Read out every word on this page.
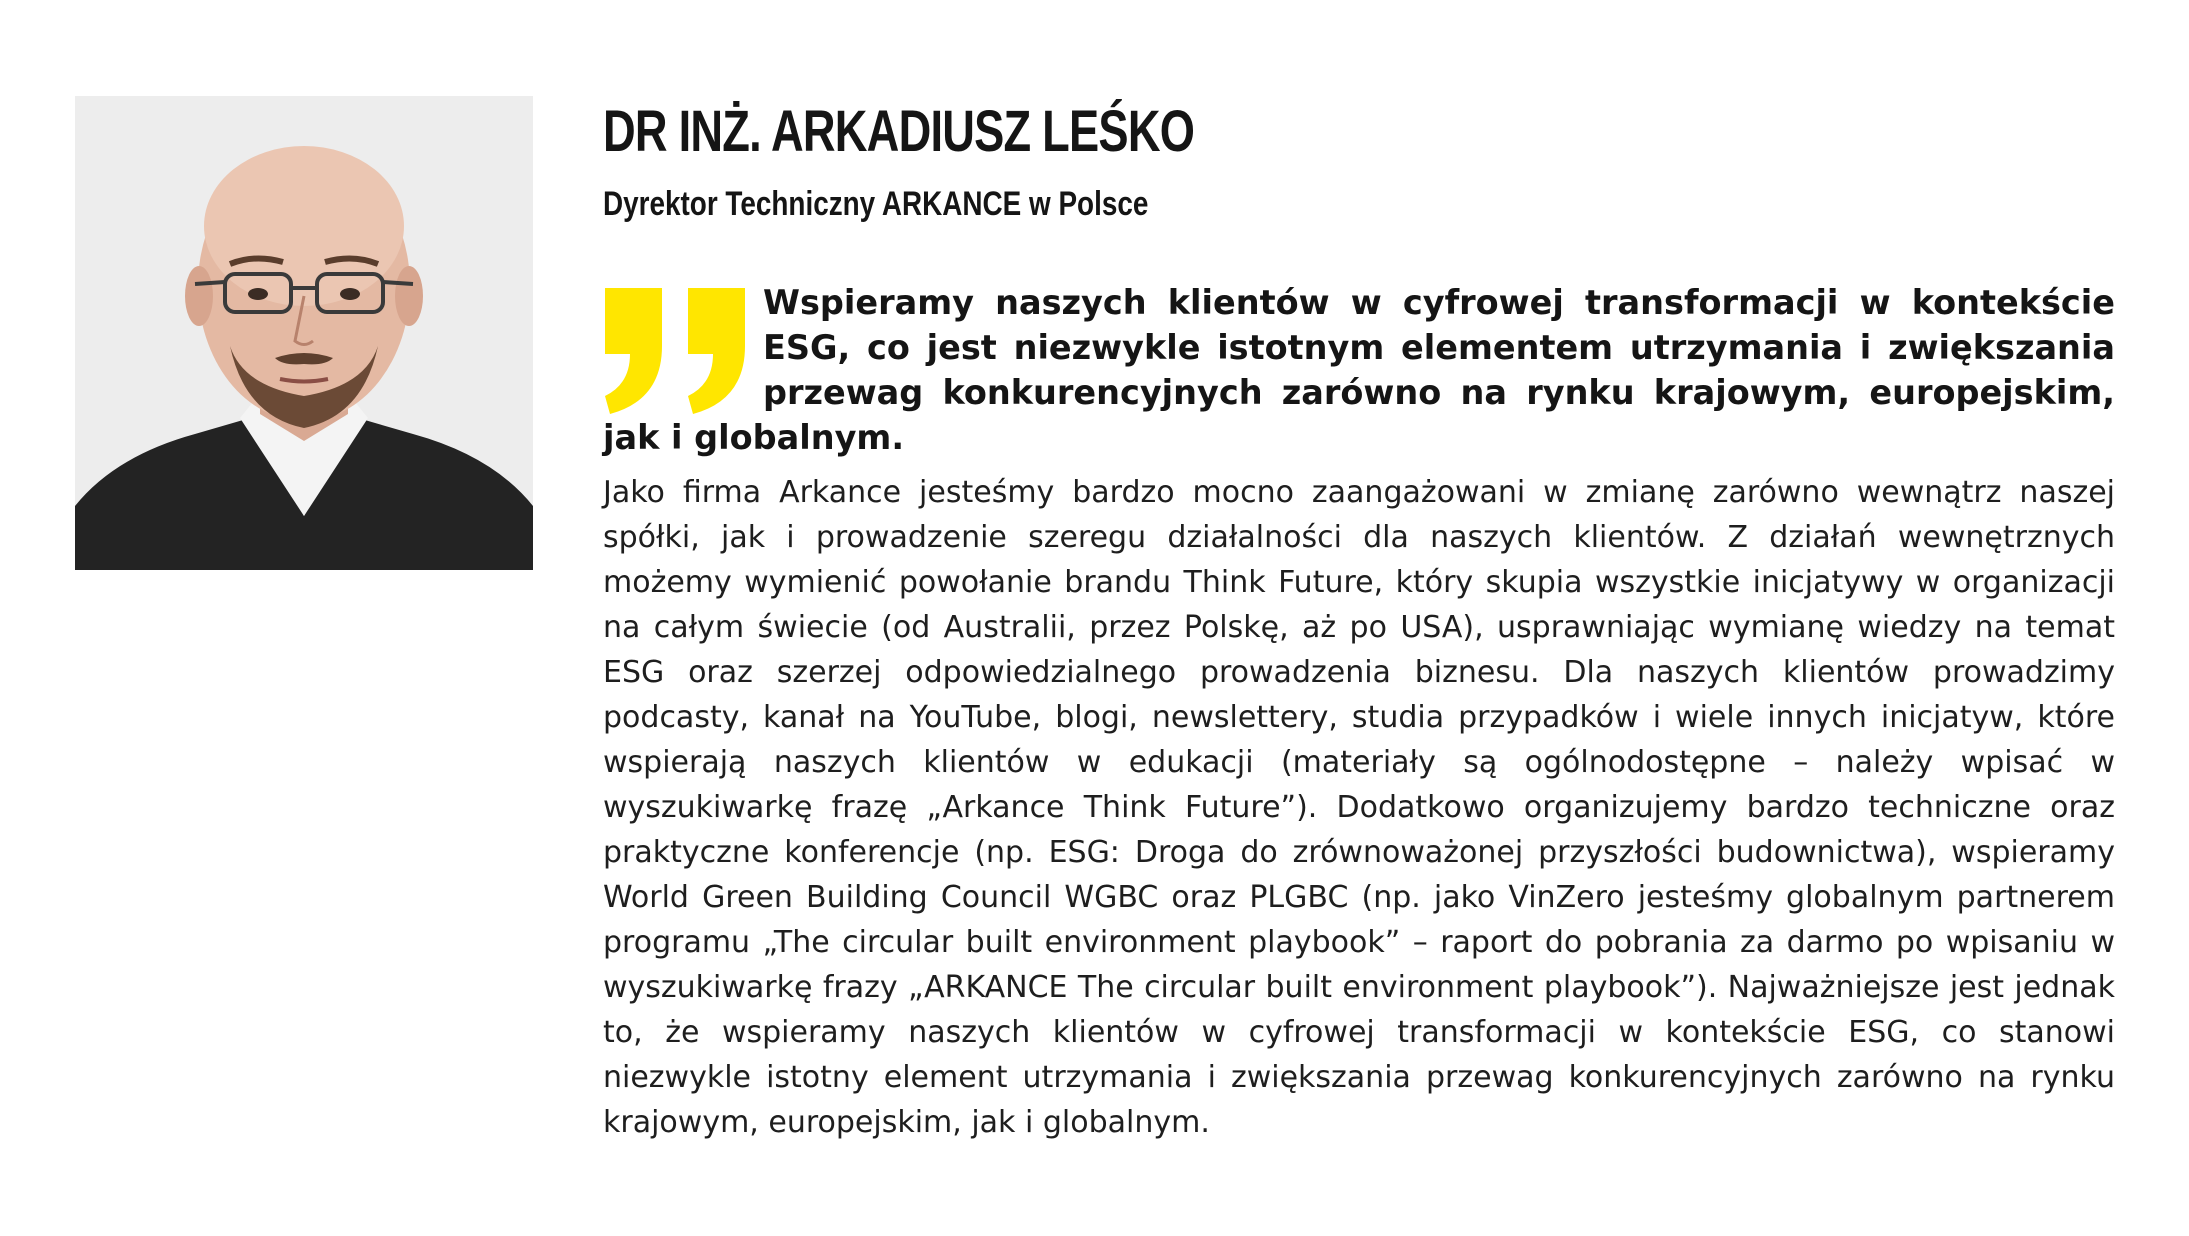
DR INŻ. ARKADIUSZ LEŚKO
Dyrektor Techniczny ARKANCE w Polsce

Wspieramy naszych klientów w cyfrowej transformacji w kontekście ESG, co jest niezwykle istotnym elementem utrzymania i zwiększania przewag konkurencyjnych zarówno na rynku krajowym, europejskim, jak i globalnym.

Jako firma Arkance jesteśmy bardzo mocno zaangażowani w zmianę zarówno wewnątrz naszej spółki, jak i prowadzenie szeregu działalności dla naszych klientów. Z działań wewnętrznych możemy wymienić powołanie brandu Think Future, który skupia wszystkie inicjatywy w organizacji na całym świecie (od Australii, przez Polskę, aż po USA), usprawniając wymianę wiedzy na temat ESG oraz szerzej odpowiedzialnego prowadzenia biznesu. Dla naszych klientów prowadzimy podcasty, kanał na YouTube, blogi, newslettery, studia przypadków i wiele innych inicjatyw, które wspierają naszych klientów w edukacji (materiały są ogólnodostępne – należy wpisać w wyszukiwarkę frazę „Arkance Think Future”). Dodatkowo organizujemy bardzo techniczne oraz praktyczne konferencje (np. ESG: Droga do zrównoważonej przyszłości budownictwa), wspieramy World Green Building Council WGBC oraz PLGBC (np. jako VinZero jesteśmy globalnym partnerem programu „The circular built environment playbook” – raport do pobrania za darmo po wpisaniu w wyszukiwarkę frazy „ARKANCE The circular built environment playbook”). Najważniejsze jest jednak to, że wspieramy naszych klientów w cyfrowej transformacji w kontekście ESG, co stanowi niezwykle istotny element utrzymania i zwiększania przewag konkurencyjnych zarówno na rynku krajowym, europejskim, jak i globalnym.
